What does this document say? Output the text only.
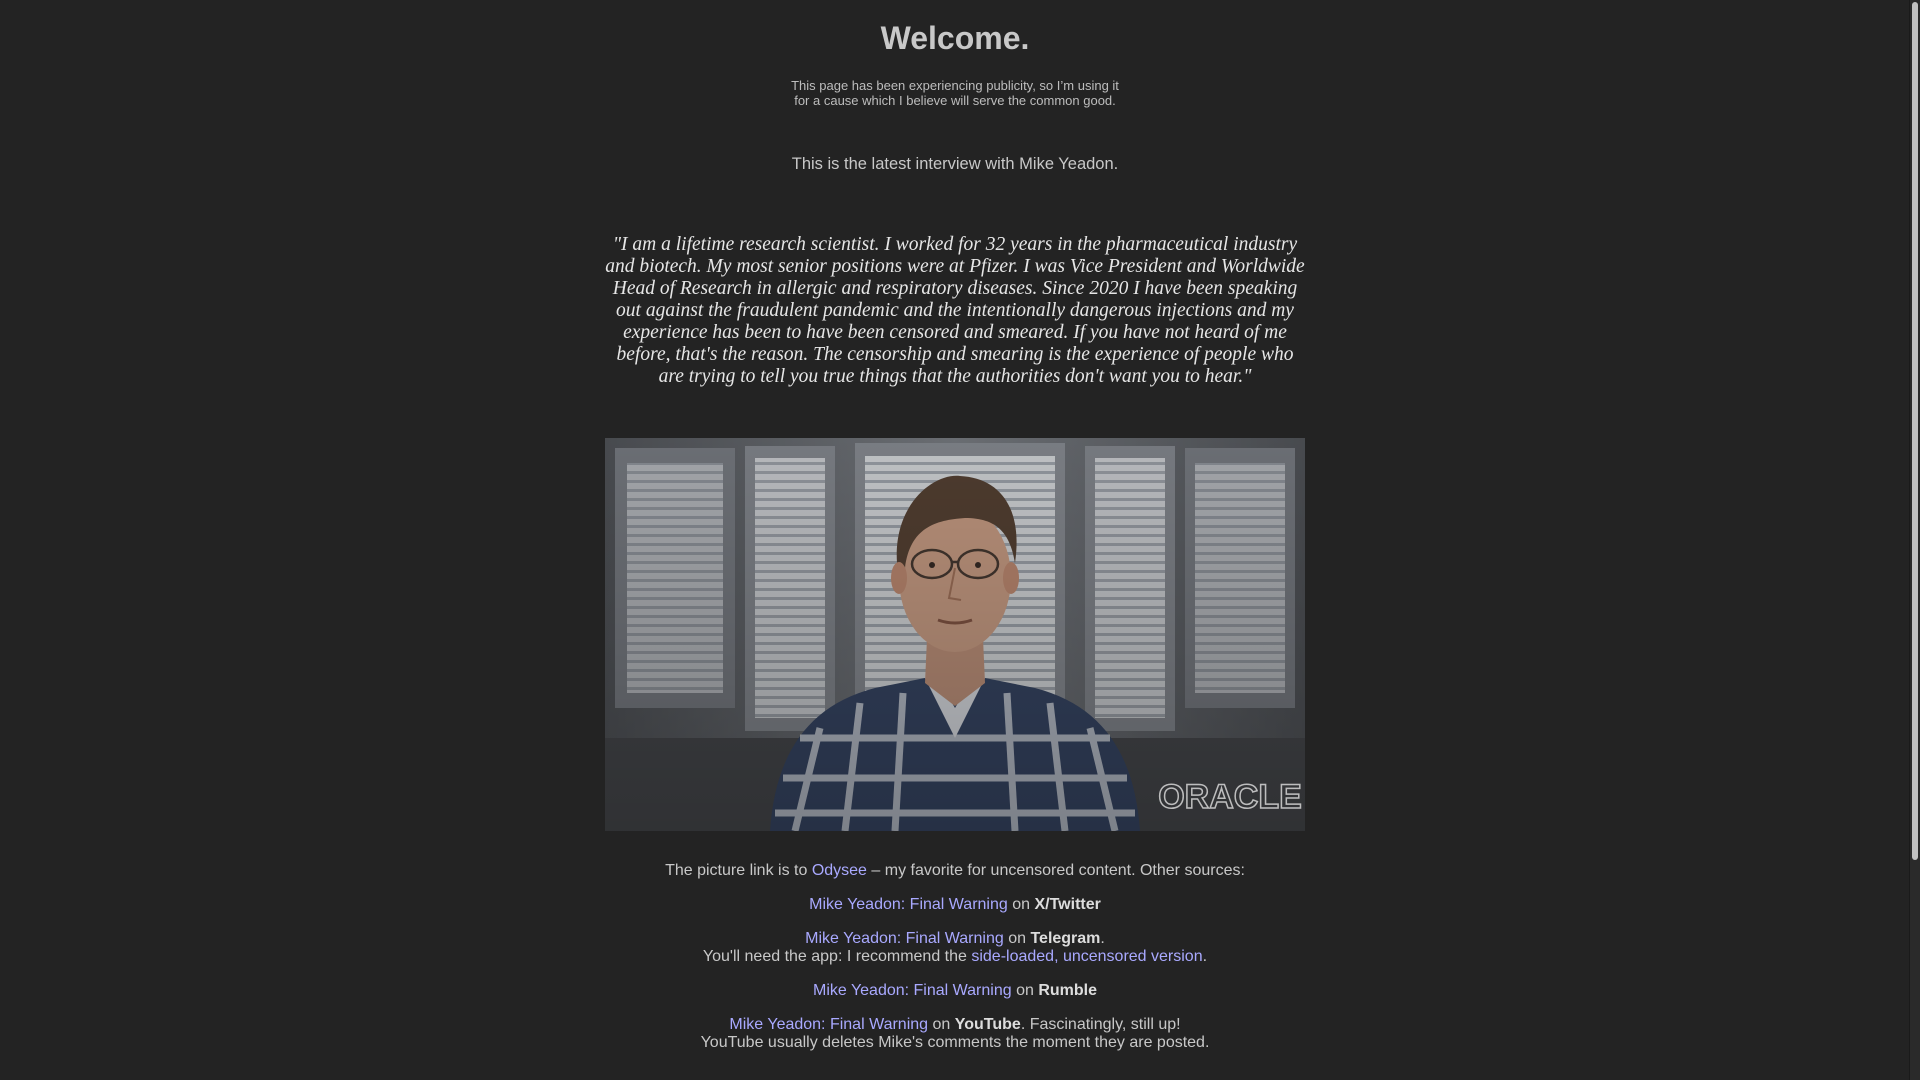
Welcome.
This page has been experiencing publicity, so I’m using it
for a cause which I believe will serve the common good.
This is the latest interview with Mike Yeadon.
"I am a lifetime research scientist. I worked for 32 years in the pharmaceutical industry and biotech. My most senior positions were at Pfizer. I was Vice President and Worldwide Head of Research in allergic and respiratory diseases. Since 2020 I have been speaking out against the fraudulent pandemic and the intentionally dangerous injections and my experience has been to have been censored and smeared. If you have not heard of me before, that's the reason. The censorship and smearing is the experience of people who are trying to tell you true things that the authorities don't want you to hear."
ORACLE

The picture link is to Odysee – my favorite for uncensored content. Other sources:

Mike Yeadon: Final Warning on X/Twitter

Mike Yeadon: Final Warning on Telegram.
You'll need the app: I recommend the side-loaded, uncensored version.

Mike Yeadon: Final Warning on Rumble

Mike Yeadon: Final Warning on YouTube. Fascinatingly, still up!
YouTube usually deletes Mike's comments the moment they are posted.
